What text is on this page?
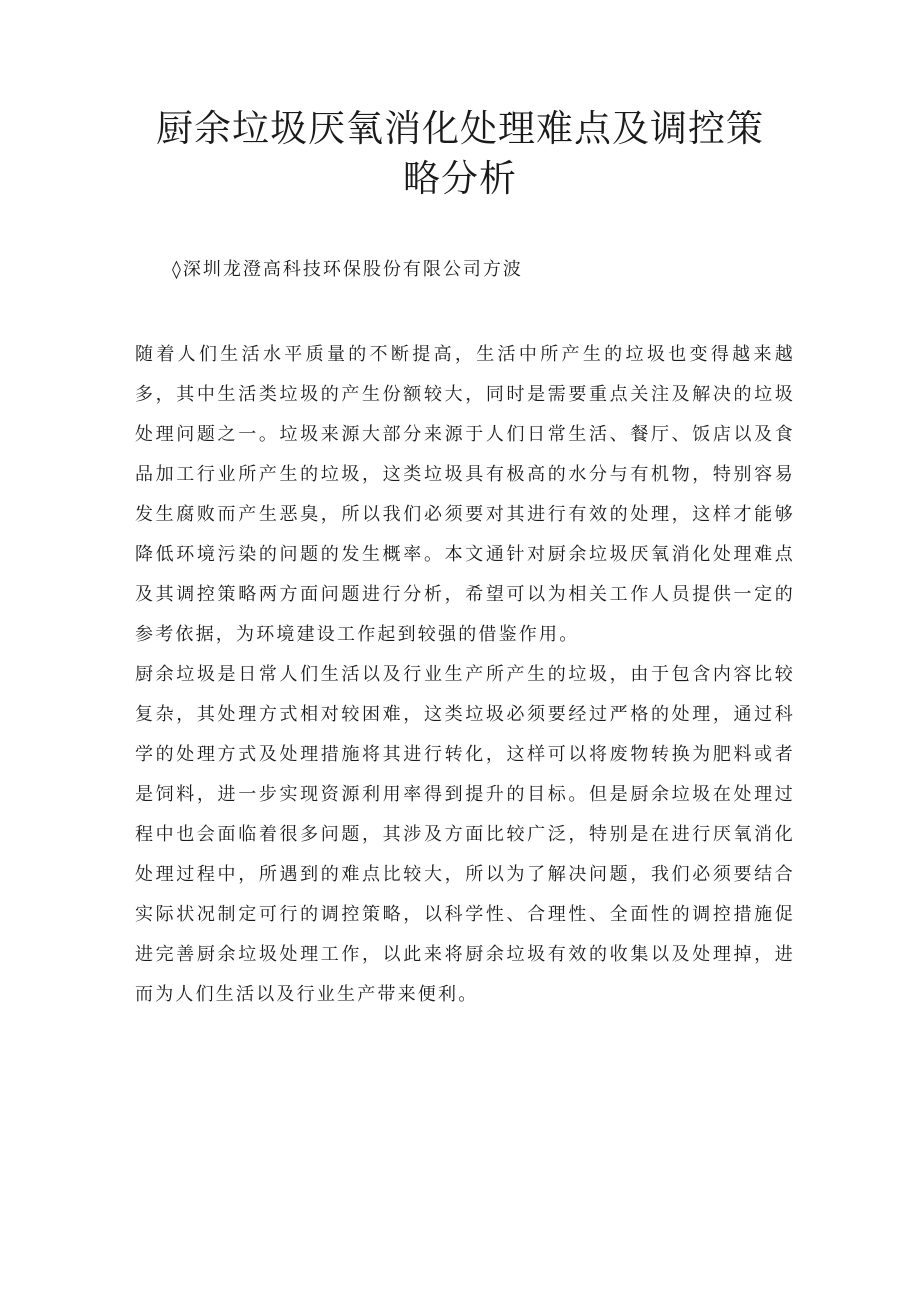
厨余垃圾厌氧消化处理难点及调控策略分析

◊深圳龙澄高科技环保股份有限公司方波

随着人们生活水平质量的不断提高，生活中所产生的垃圾也变得越来越多，其中生活类垃圾的产生份额较大，同时是需要重点关注及解决的垃圾处理问题之一。垃圾来源大部分来源于人们日常生活、餐厅、饭店以及食品加工行业所产生的垃圾，这类垃圾具有极高的水分与有机物，特别容易发生腐败而产生恶臭，所以我们必须要对其进行有效的处理，这样才能够降低环境污染的问题的发生概率。本文通针对厨余垃圾厌氧消化处理难点及其调控策略两方面问题进行分析，希望可以为相关工作人员提供一定的参考依据，为环境建设工作起到较强的借鉴作用。

厨余垃圾是日常人们生活以及行业生产所产生的垃圾，由于包含内容比较复杂，其处理方式相对较困难，这类垃圾必须要经过严格的处理，通过科学的处理方式及处理措施将其进行转化，这样可以将废物转换为肥料或者是饲料，进一步实现资源利用率得到提升的目标。但是厨余垃圾在处理过程中也会面临着很多问题，其涉及方面比较广泛，特别是在进行厌氧消化处理过程中，所遇到的难点比较大，所以为了解决问题，我们必须要结合实际状况制定可行的调控策略，以科学性、合理性、全面性的调控措施促进完善厨余垃圾处理工作，以此来将厨余垃圾有效的收集以及处理掉，进而为人们生活以及行业生产带来便利。
